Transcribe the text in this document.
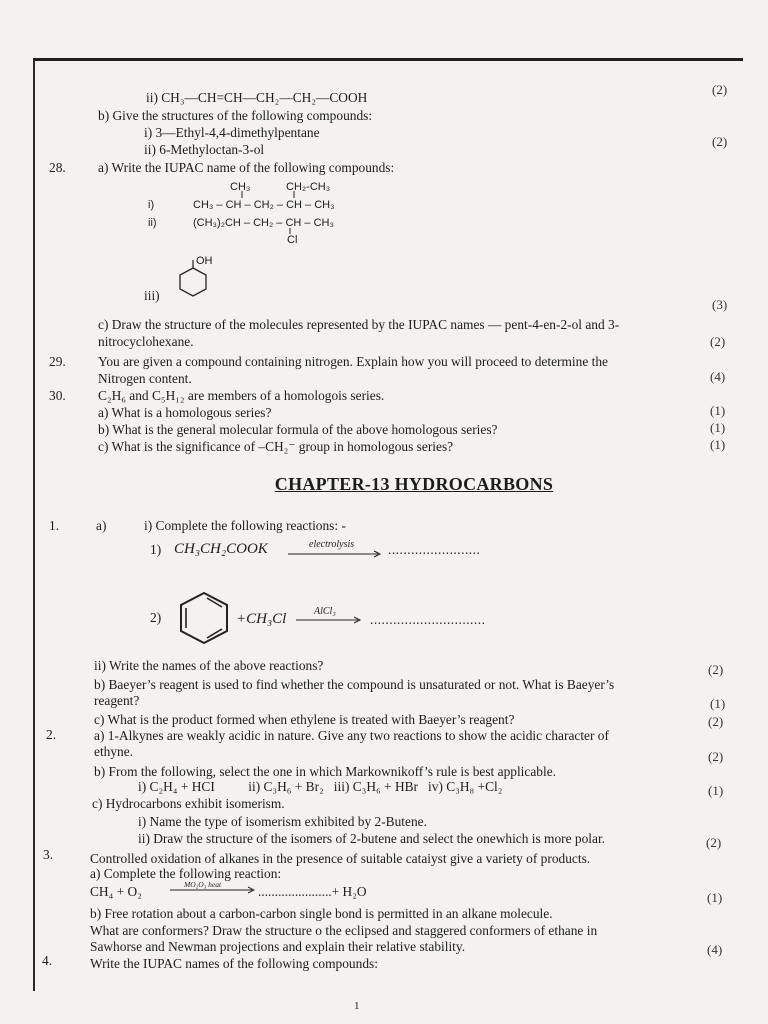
ii) CH₃—CH=CH—CH₂—CH₂—COOH
(2)
b) Give the structures of the following compounds:
i) 3—Ethyl-4,4-dimethylpentane
ii) 6-Methyloctan-3-ol
(2)
28. a) Write the IUPAC name of the following compounds:
CH₃	CH₂-CH₃
i)	CH₃ – CH – CH₂ – CH – CH₃
ii)	(CH₃)₂CH – CH₂ – CH – CH₃
Cl
OH
iii)
(3)
c) Draw the structure of the molecules represented by the IUPAC names — pent-4-en-2-ol and 3-
nitrocyclohexane.	(2)
29. You are given a compound containing nitrogen. Explain how you will proceed to determine the
Nitrogen content.	(4)
30. C₂H₆ and C₅H₁₂ are members of a homologois series.
a) What is a homologous series?	(1)
b) What is the general molecular formula of the above homologous series?	(1)
c) What is the significance of –CH₂⁻ group in homologous series?	(1)
CHAPTER-13 HYDROCARBONS
1.	a)	i) Complete the following reactions: -
1) CH₃CH₂COOK	electrolysis	........................
2)	+CH₃Cl	AlCl₃
..............................
ii) Write the names of the above reactions?	(2)
b) Baeyer’s reagent is used to find whether the compound is unsaturated or not. What is Baeyer’s
reagent?	(1)
c) What is the product formed when ethylene is treated with Baeyer’s reagent?	(2)
2.	a) 1-Alkynes are weakly acidic in nature. Give any two reactions to show the acidic character of
ethyne.	(2)
b) From the following, select the one in which Markownikoff’s rule is best applicable.
i) C₂H₄ + HCI          ii) C₃H₆ + Br₂   iii) C₃H₆ + HBr   iv) C₃H₈ +Cl₂	(1)
c) Hydrocarbons exhibit isomerism.
i) Name the type of isomerism exhibited by 2-Butene.
ii) Draw the structure of the isomers of 2-butene and select the onewhich is more polar.	(2)
3.	Controlled oxidation of alkanes in the presence of suitable cataiyst give a variety of products.
a) Complete the following reaction:
CH₄ + O₂	MO₂O₃ heat	......................+ H₂O	(1)
b) Free rotation about a carbon-carbon single bond is permitted in an alkane molecule.
What are conformers? Draw the structure o the eclipsed and staggered conformers of ethane in
Sawhorse and Newman projections and explain their relative stability.	(4)
4.	Write the IUPAC names of the following compounds:
1
